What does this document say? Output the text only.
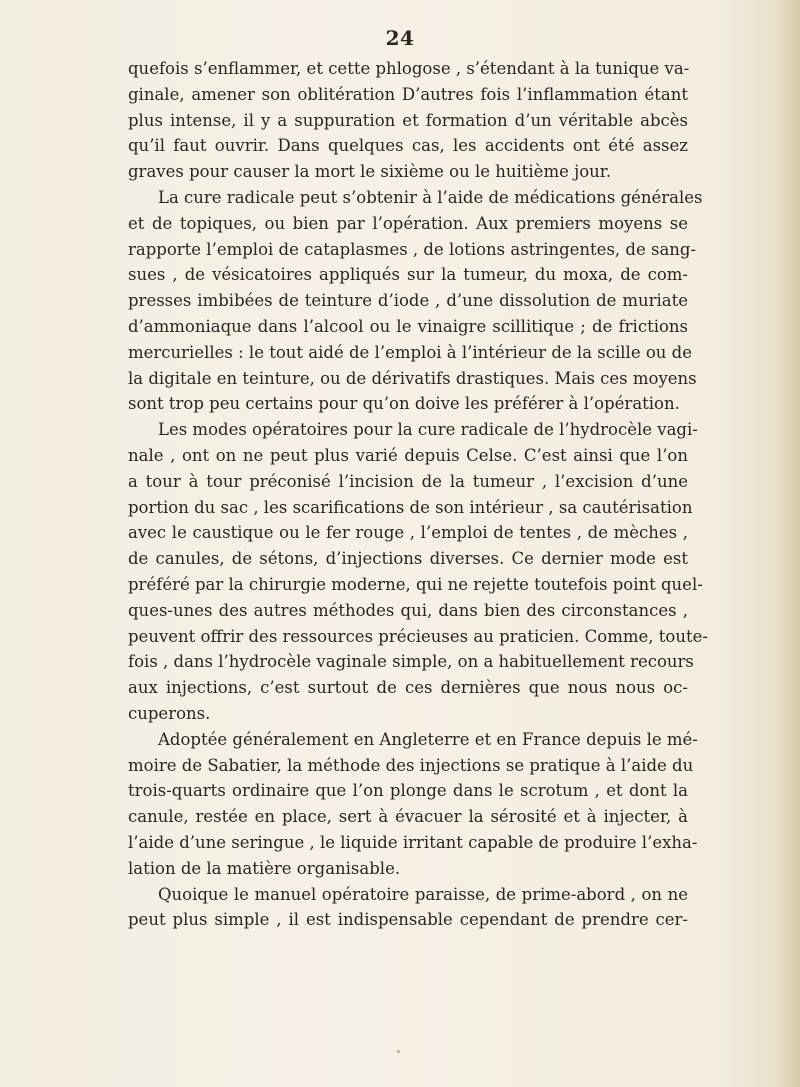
24
quefois s’enflammer, et cette phlogose , s’étendant à la tunique va-
ginale, amener son oblitération D’autres fois l’inflammation étant
plus intense, il y a suppuration et formation d’un véritable abcès
qu’il faut ouvrir. Dans quelques cas, les accidents ont été assez
graves pour causer la mort le sixième ou le huitième jour.
La cure radicale peut s’obtenir à l’aide de médications générales
et de topiques, ou bien par l’opération. Aux premiers moyens se
rapporte l’emploi de cataplasmes , de lotions astringentes, de sang-
sues , de vésicatoires appliqués sur la tumeur, du moxa, de com-
presses imbibées de teinture d’iode , d’une dissolution de muriate
d’ammoniaque dans l’alcool ou le vinaigre scillitique ; de frictions
mercurielles : le tout aidé de l’emploi à l’intérieur de la scille ou de
la digitale en teinture, ou de dérivatifs drastiques. Mais ces moyens
sont trop peu certains pour qu’on doive les préférer à l’opération.
Les modes opératoires pour la cure radicale de l’hydrocèle vagi-
nale , ont on ne peut plus varié depuis Celse. C’est ainsi que l’on
a tour à tour préconisé l’incision de la tumeur , l’excision d’une
portion du sac , les scarifications de son intérieur , sa cautérisation
avec le caustique ou le fer rouge , l’emploi de tentes , de mèches ,
de canules, de sétons, d’injections diverses. Ce dernier mode est
préféré par la chirurgie moderne, qui ne rejette toutefois point quel-
ques-unes des autres méthodes qui, dans bien des circonstances ,
peuvent offrir des ressources précieuses au praticien. Comme, toute-
fois , dans l’hydrocèle vaginale simple, on a habituellement recours
aux injections, c’est surtout de ces dernières que nous nous oc-
cuperons.
Adoptée généralement en Angleterre et en France depuis le mé-
moire de Sabatier, la méthode des injections se pratique à l’aide du
trois-quarts ordinaire que l’on plonge dans le scrotum , et dont la
canule, restée en place, sert à évacuer la sérosité et à injecter, à
l’aide d’une seringue , le liquide irritant capable de produire l’exha-
lation de la matière organisable.
Quoique le manuel opératoire paraisse, de prime-abord , on ne
peut plus simple , il est indispensable cependant de prendre cer-
